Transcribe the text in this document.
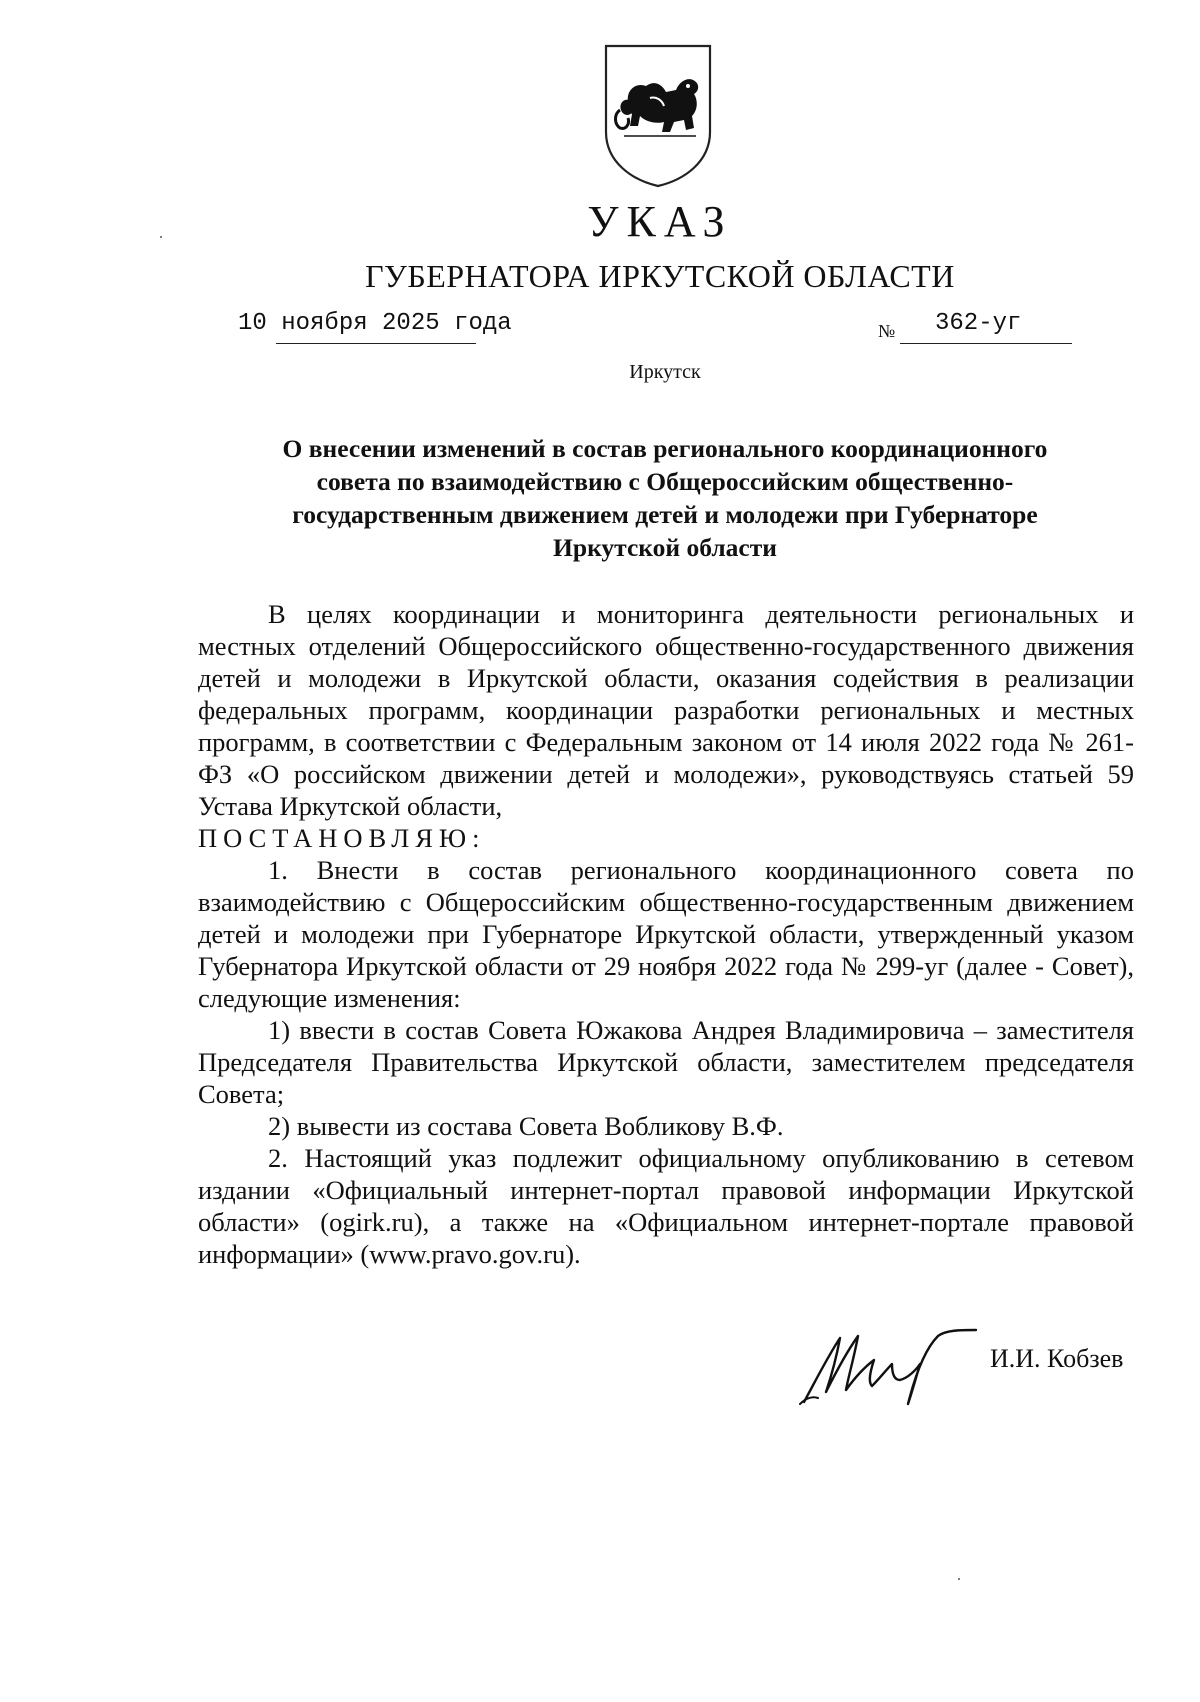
УКАЗ
ГУБЕРНАТОРА ИРКУТСКОЙ ОБЛАСТИ
10 ноября 2025 года	№ 362-уг
Иркутск
О внесении изменений в состав регионального координационного
совета по взаимодействию с Общероссийским общественно-
государственным движением детей и молодежи при Губернаторе
Иркутской области

В целях координации и мониторинга деятельности региональных и местных отделений Общероссийского общественно-государственного движения детей и молодежи в Иркутской области, оказания содействия в реализации федеральных программ, координации разработки региональных и местных программ, в соответствии с Федеральным законом от 14 июля 2022 года № 261-ФЗ «О российском движении детей и молодежи», руководствуясь статьей 59 Устава Иркутской области,

ПОСТАНОВЛЯЮ:

1. Внести в состав регионального координационного совета по взаимодействию с Общероссийским общественно-государственным движением детей и молодежи при Губернаторе Иркутской области, утвержденный указом Губернатора Иркутской области от 29 ноября 2022 года № 299-уг (далее - Совет), следующие изменения:

1) ввести в состав Совета Южакова Андрея Владимировича – заместителя Председателя Правительства Иркутской области, заместителем председателя Совета;

2) вывести из состава Совета Вобликову В.Ф.

2. Настоящий указ подлежит официальному опубликованию в сетевом издании «Официальный интернет-портал правовой информации Иркутской области» (ogirk.ru), а также на «Официальном интернет-портале правовой информации» (www.pravo.gov.ru).

И.И. Кобзев
